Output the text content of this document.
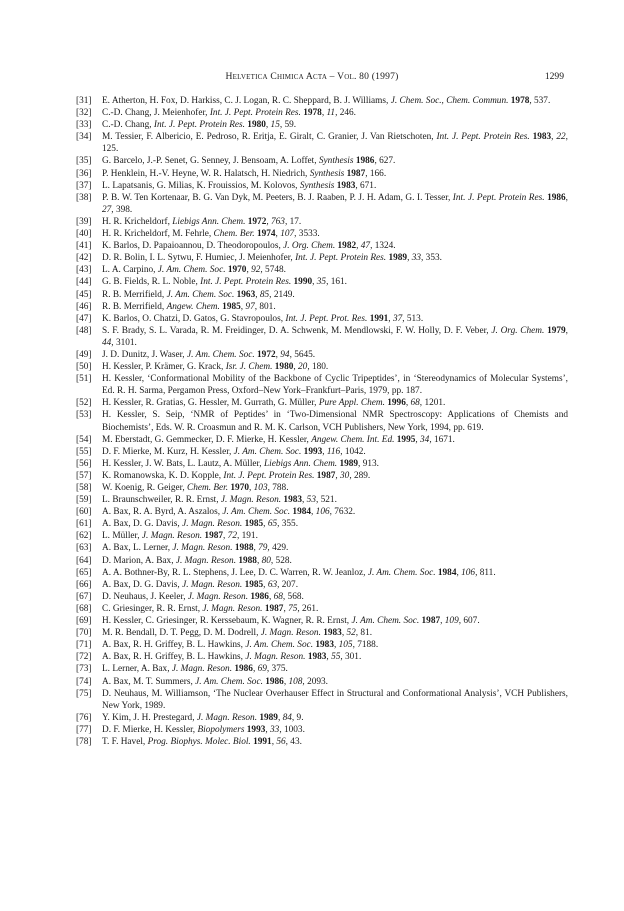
Helvetica Chimica Acta – Vol. 80 (1997)	1299
[31] E. Atherton, H. Fox, D. Harkiss, C. J. Logan, R. C. Sheppard, B. J. Williams, J. Chem. Soc., Chem. Commun. 1978, 537.
[32] C.-D. Chang, J. Meienhofer, Int. J. Pept. Protein Res. 1978, 11, 246.
[33] C.-D. Chang, Int. J. Pept. Protein Res. 1980, 15, 59.
[34] M. Tessier, F. Albericio, E. Pedroso, R. Eritja, E. Giralt, C. Granier, J. Van Rietschoten, Int. J. Pept. Protein Res. 1983, 22, 125.
[35] G. Barcelo, J.-P. Senet, G. Senney, J. Bensoam, A. Loffet, Synthesis 1986, 627.
[36] P. Henklein, H.-V. Heyne, W. R. Halatsch, H. Niedrich, Synthesis 1987, 166.
[37] L. Lapatsanis, G. Milias, K. Frouissios, M. Kolovos, Synthesis 1983, 671.
[38] P. B. W. Ten Kortenaar, B. G. Van Dyk, M. Peeters, B. J. Raaben, P. J. H. Adam, G. I. Tesser, Int. J. Pept. Protein Res. 1986, 27, 398.
[39] H. R. Kricheldorf, Liebigs Ann. Chem. 1972, 763, 17.
[40] H. R. Kricheldorf, M. Fehrle, Chem. Ber. 1974, 107, 3533.
[41] K. Barlos, D. Papaioannou, D. Theodoropoulos, J. Org. Chem. 1982, 47, 1324.
[42] D. R. Bolin, I. L. Sytwu, F. Humiec, J. Meienhofer, Int. J. Pept. Protein Res. 1989, 33, 353.
[43] L. A. Carpino, J. Am. Chem. Soc. 1970, 92, 5748.
[44] G. B. Fields, R. L. Noble, Int. J. Pept. Protein Res. 1990, 35, 161.
[45] R. B. Merrifield, J. Am. Chem. Soc. 1963, 85, 2149.
[46] R. B. Merrifield, Angew. Chem. 1985, 97, 801.
[47] K. Barlos, O. Chatzi, D. Gatos, G. Stavropoulos, Int. J. Pept. Prot. Res. 1991, 37, 513.
[48] S. F. Brady, S. L. Varada, R. M. Freidinger, D. A. Schwenk, M. Mendlowski, F. W. Holly, D. F. Veber, J. Org. Chem. 1979, 44, 3101.
[49] J. D. Dunitz, J. Waser, J. Am. Chem. Soc. 1972, 94, 5645.
[50] H. Kessler, P. Krämer, G. Krack, Isr. J. Chem. 1980, 20, 180.
[51] H. Kessler, ‘Conformational Mobility of the Backbone of Cyclic Tripeptides’, in ‘Stereodynamics of Molecular Systems’, Ed. R. H. Sarma, Pergamon Press, Oxford–New York–Frankfurt–Paris, 1979, pp. 187.
[52] H. Kessler, R. Gratias, G. Hessler, M. Gurrath, G. Müller, Pure Appl. Chem. 1996, 68, 1201.
[53] H. Kessler, S. Seip, ‘NMR of Peptides’ in ‘Two-Dimensional NMR Spectroscopy: Applications of Chemists and Biochemists’, Eds. W. R. Croasmun and R. M. K. Carlson, VCH Publishers, New York, 1994, pp. 619.
[54] M. Eberstadt, G. Gemmecker, D. F. Mierke, H. Kessler, Angew. Chem. Int. Ed. 1995, 34, 1671.
[55] D. F. Mierke, M. Kurz, H. Kessler, J. Am. Chem. Soc. 1993, 116, 1042.
[56] H. Kessler, J. W. Bats, L. Lautz, A. Müller, Liebigs Ann. Chem. 1989, 913.
[57] K. Romanowska, K. D. Kopple, Int. J. Pept. Protein Res. 1987, 30, 289.
[58] W. Koenig, R. Geiger, Chem. Ber. 1970, 103, 788.
[59] L. Braunschweiler, R. R. Ernst, J. Magn. Reson. 1983, 53, 521.
[60] A. Bax, R. A. Byrd, A. Aszalos, J. Am. Chem. Soc. 1984, 106, 7632.
[61] A. Bax, D. G. Davis, J. Magn. Reson. 1985, 65, 355.
[62] L. Müller, J. Magn. Reson. 1987, 72, 191.
[63] A. Bax, L. Lerner, J. Magn. Reson. 1988, 79, 429.
[64] D. Marion, A. Bax, J. Magn. Reson. 1988, 80, 528.
[65] A. A. Bothner-By, R. L. Stephens, J. Lee, D. C. Warren, R. W. Jeanloz, J. Am. Chem. Soc. 1984, 106, 811.
[66] A. Bax, D. G. Davis, J. Magn. Reson. 1985, 63, 207.
[67] D. Neuhaus, J. Keeler, J. Magn. Reson. 1986, 68, 568.
[68] C. Griesinger, R. R. Ernst, J. Magn. Reson. 1987, 75, 261.
[69] H. Kessler, C. Griesinger, R. Kerssebaum, K. Wagner, R. R. Ernst, J. Am. Chem. Soc. 1987, 109, 607.
[70] M. R. Bendall, D. T. Pegg, D. M. Dodrell, J. Magn. Reson. 1983, 52, 81.
[71] A. Bax, R. H. Griffey, B. L. Hawkins, J. Am. Chem. Soc. 1983, 105, 7188.
[72] A. Bax, R. H. Griffey, B. L. Hawkins, J. Magn. Reson. 1983, 55, 301.
[73] L. Lerner, A. Bax, J. Magn. Reson. 1986, 69, 375.
[74] A. Bax, M. T. Summers, J. Am. Chem. Soc. 1986, 108, 2093.
[75] D. Neuhaus, M. Williamson, ‘The Nuclear Overhauser Effect in Structural and Conformational Analysis’, VCH Publishers, New York, 1989.
[76] Y. Kim, J. H. Prestegard, J. Magn. Reson. 1989, 84, 9.
[77] D. F. Mierke, H. Kessler, Biopolymers 1993, 33, 1003.
[78] T. F. Havel, Prog. Biophys. Molec. Biol. 1991, 56, 43.
